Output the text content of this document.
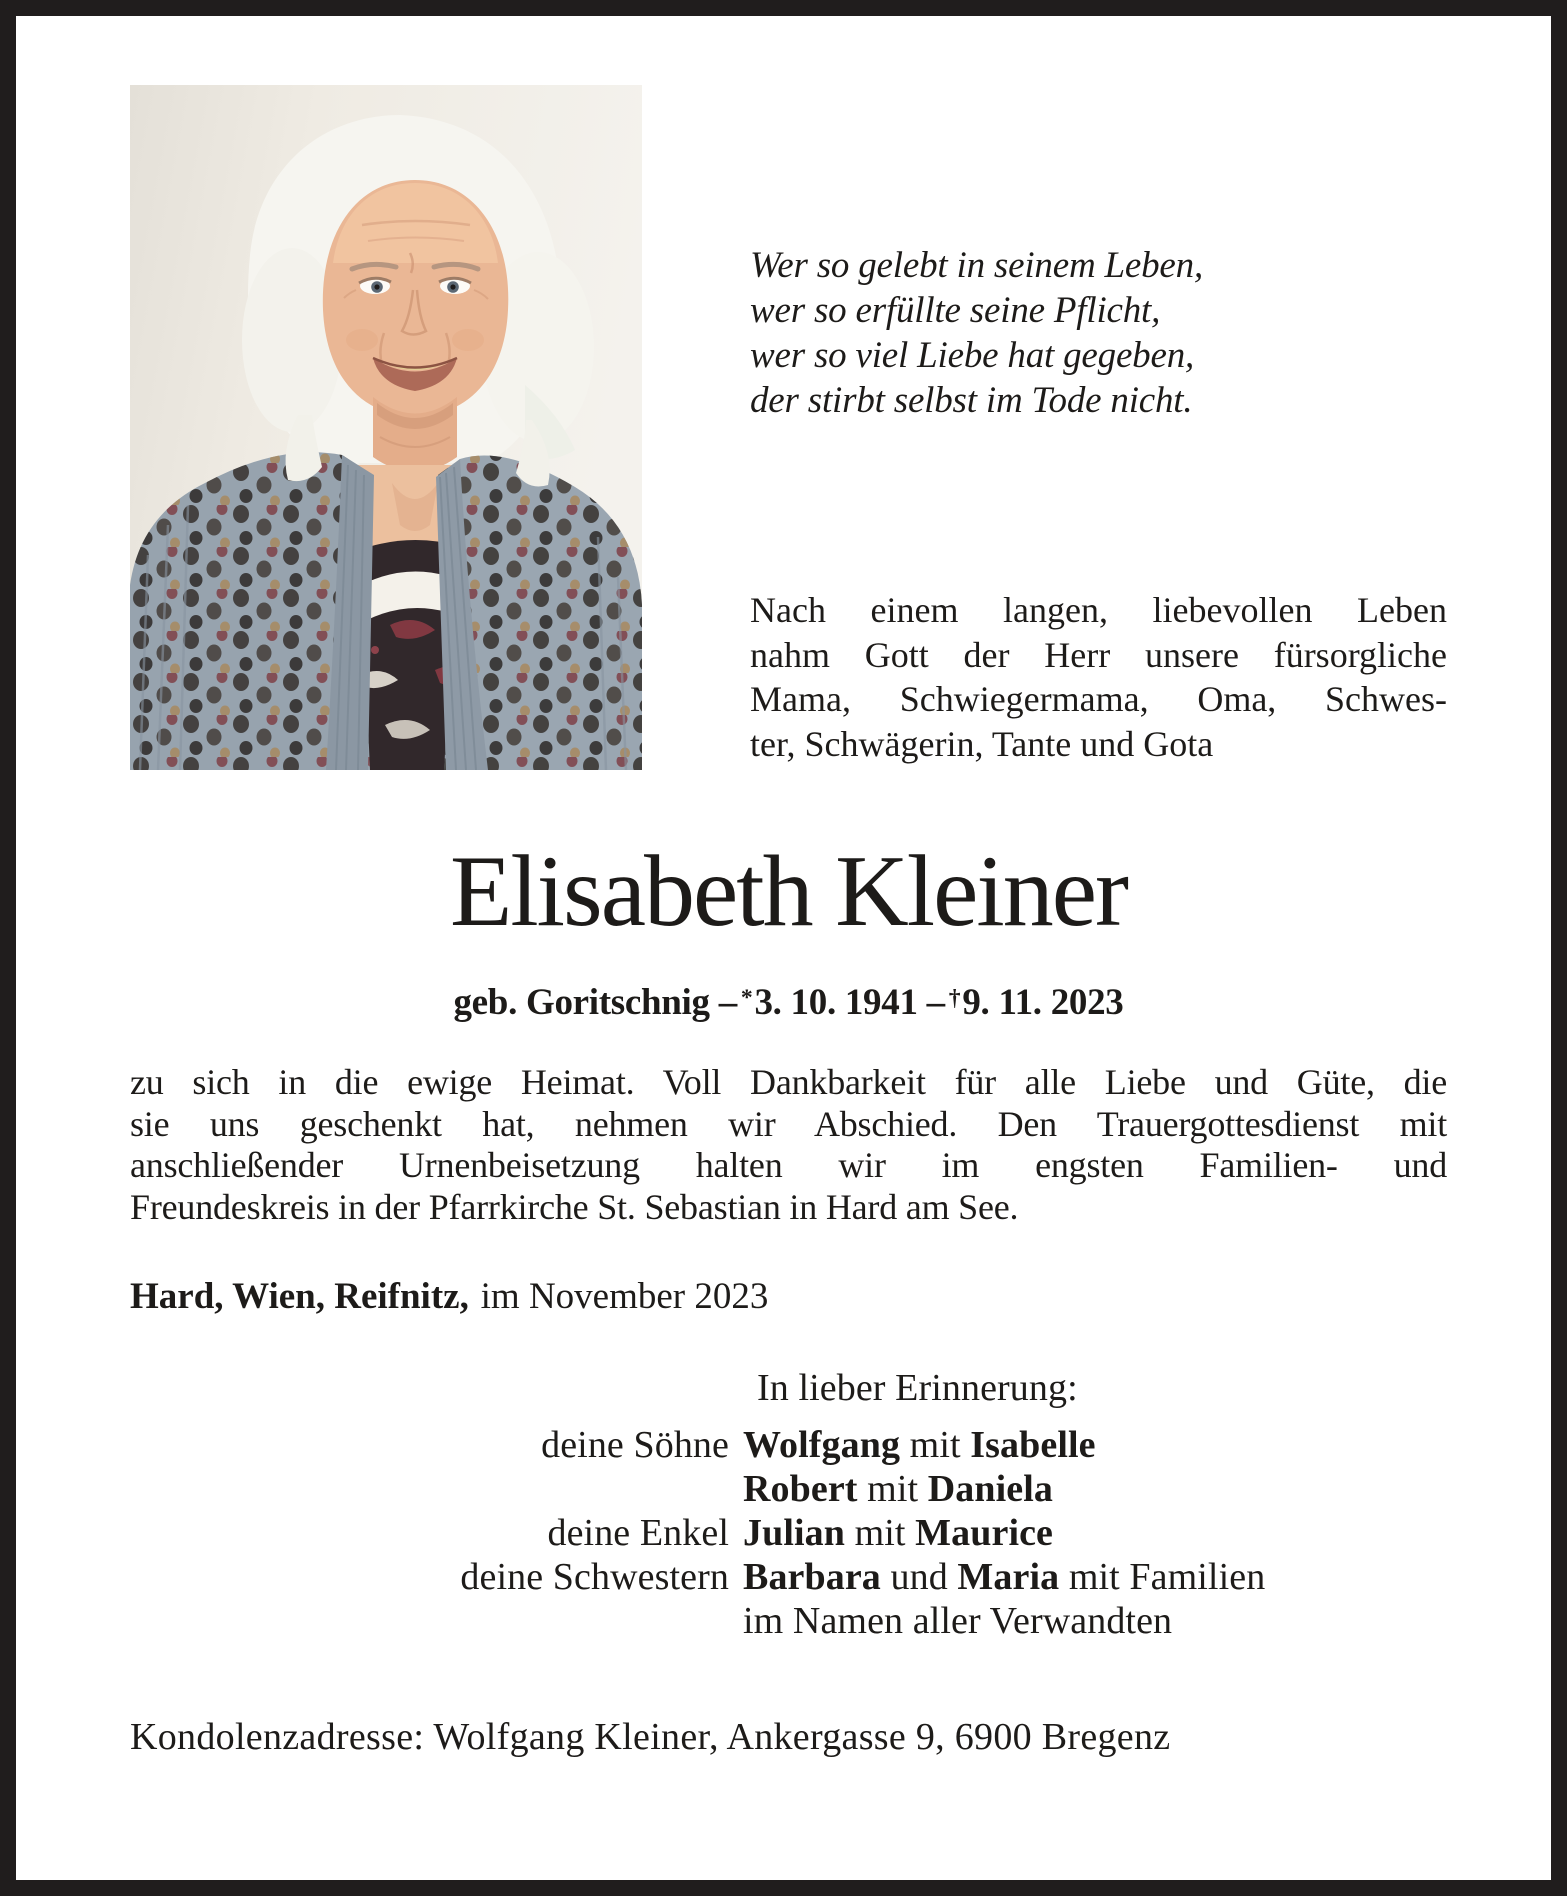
Wer so gelebt in seinem Leben,
wer so erfüllte seine Pflicht,
wer so viel Liebe hat gegeben,
der stirbt selbst im Tode nicht.
Nach einem langen, liebevollen Leben
nahm Gott der Herr unsere fürsorgliche
Mama, Schwiegermama, Oma, Schwes-
ter, Schwägerin, Tante und Gota
Elisabeth Kleiner
geb. Goritschnig – *3. 10. 1941 – †9. 11. 2023
zu sich in die ewige Heimat. Voll Dankbarkeit für alle Liebe und Güte, die
sie uns geschenkt hat, nehmen wir Abschied. Den Trauergottesdienst mit
anschließender Urnenbeisetzung halten wir im engsten Familien- und
Freundeskreis in der Pfarrkirche St. Sebastian in Hard am See.
Hard, Wien, Reifnitz, im November 2023
In lieber Erinnerung:
deine Söhne Wolfgang mit Isabelle
Robert mit Daniela
deine Enkel Julian mit Maurice
deine Schwestern Barbara und Maria mit Familien
im Namen aller Verwandten
Kondolenzadresse: Wolfgang Kleiner, Ankergasse 9, 6900 Bregenz
